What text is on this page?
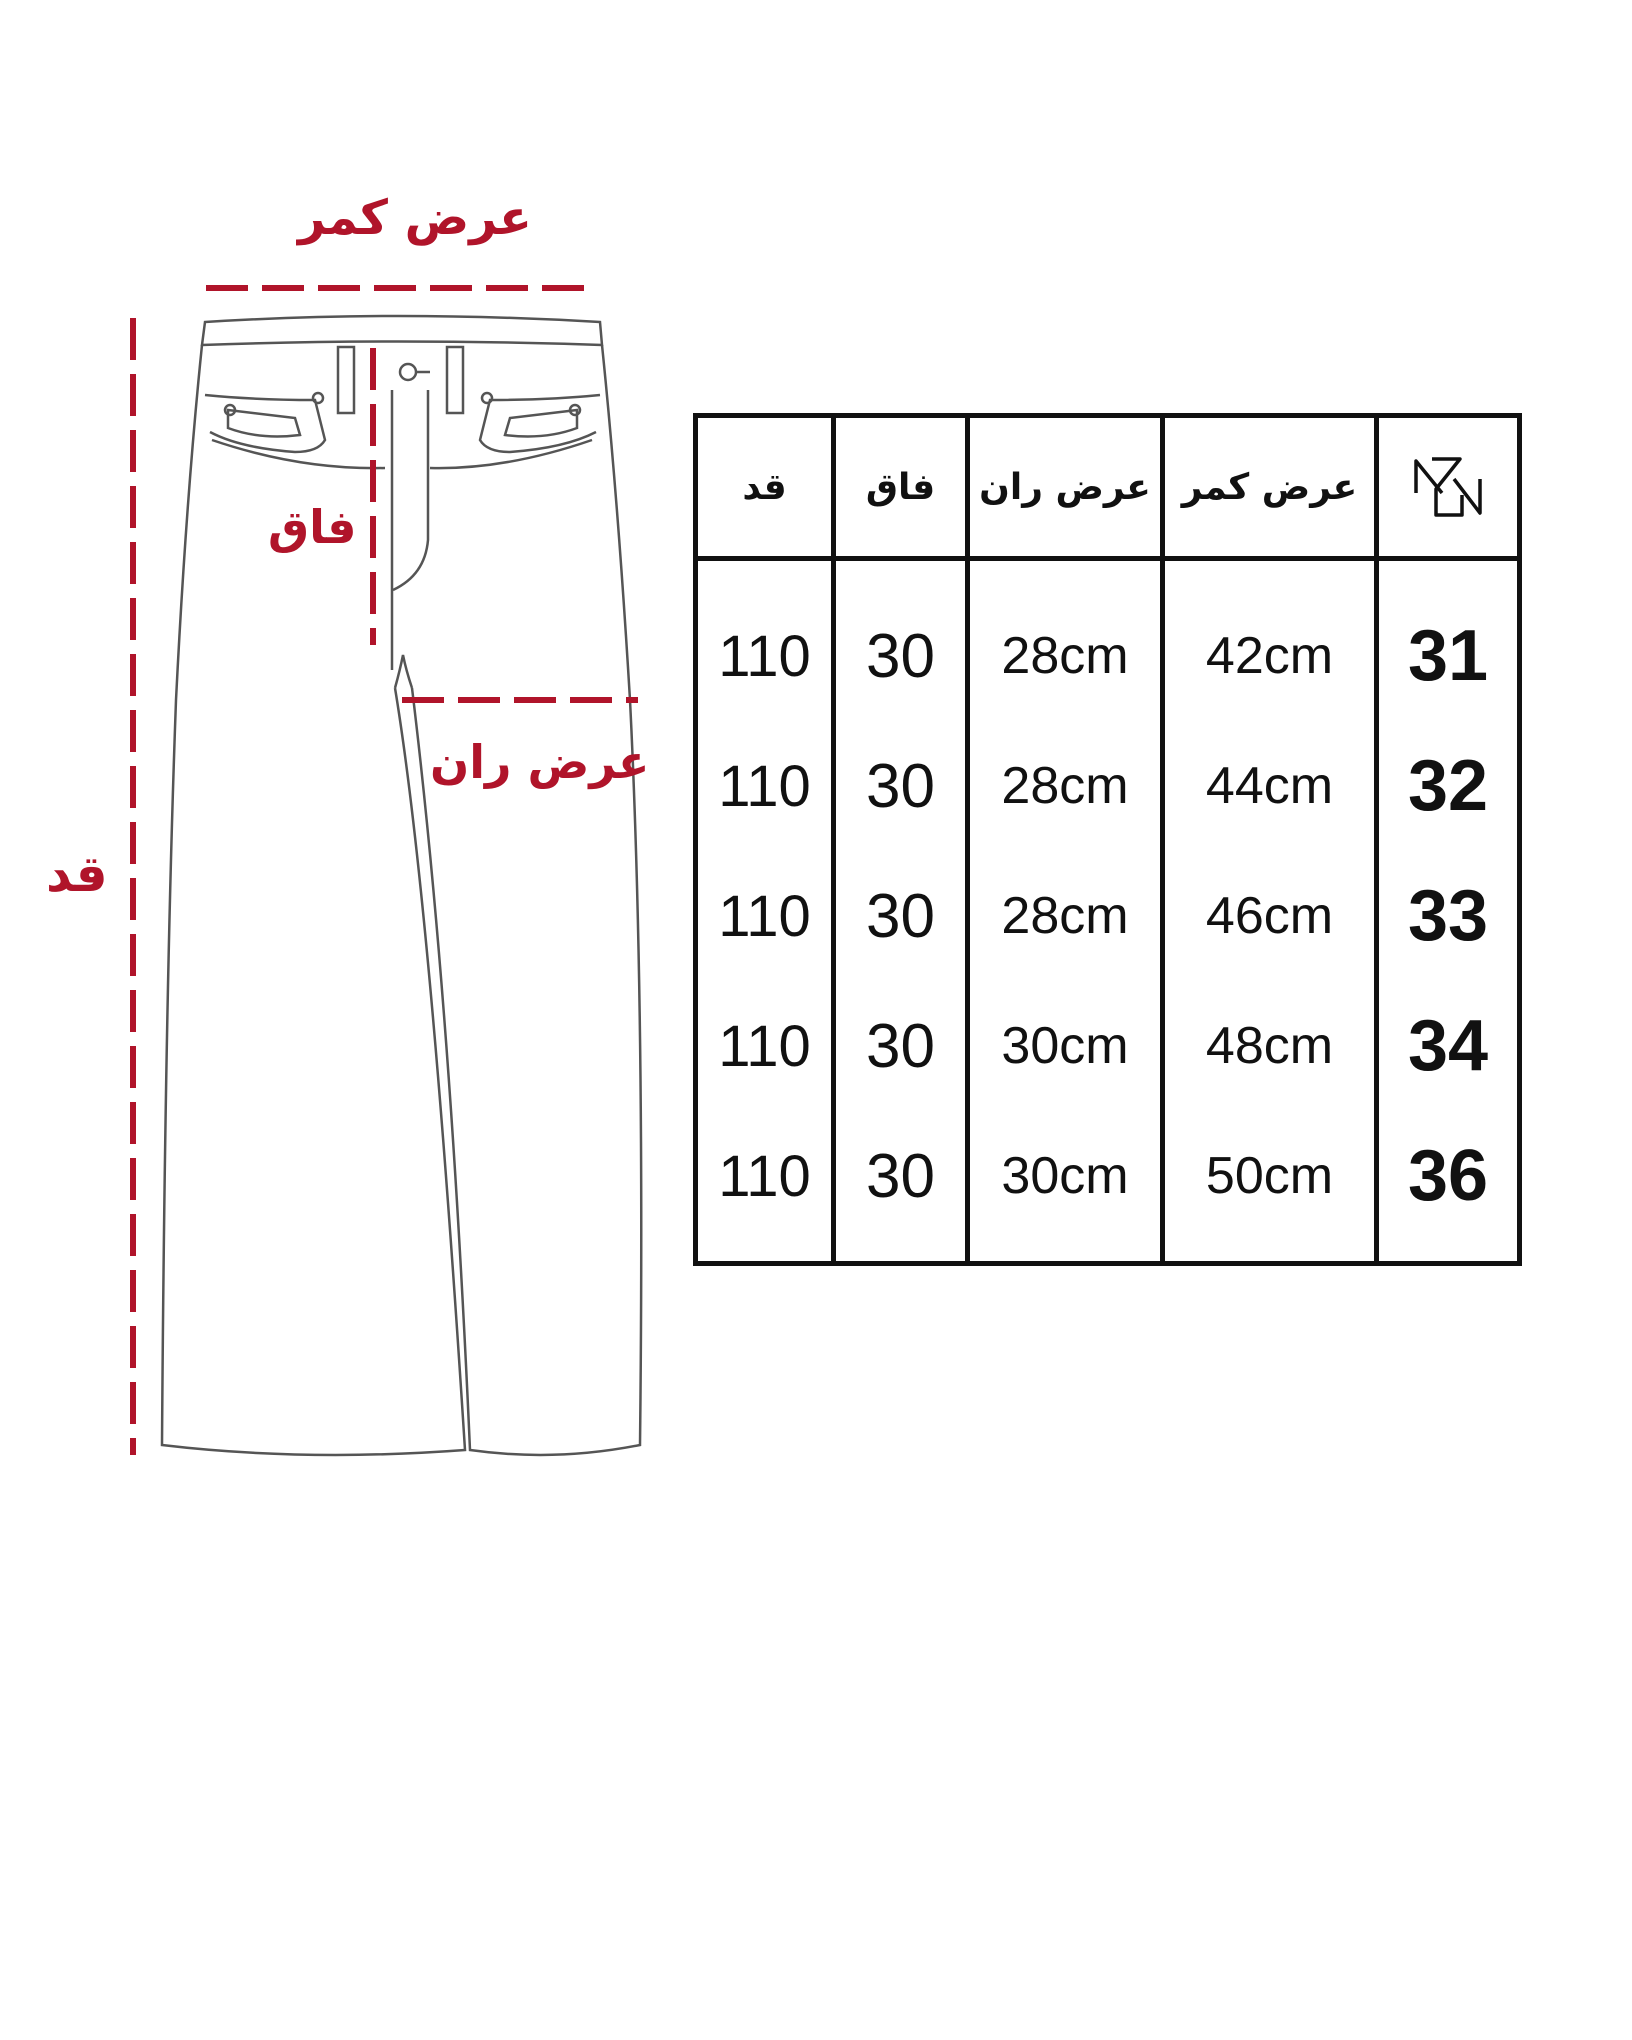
عرض کمر
فاق
عرض ران
قد
قد	فاق	عرض ران	عرض کمر	
110	30	28cm	42cm	31
110	30	28cm	44cm	32
110	30	28cm	46cm	33
110	30	30cm	48cm	34
110	30	30cm	50cm	36
